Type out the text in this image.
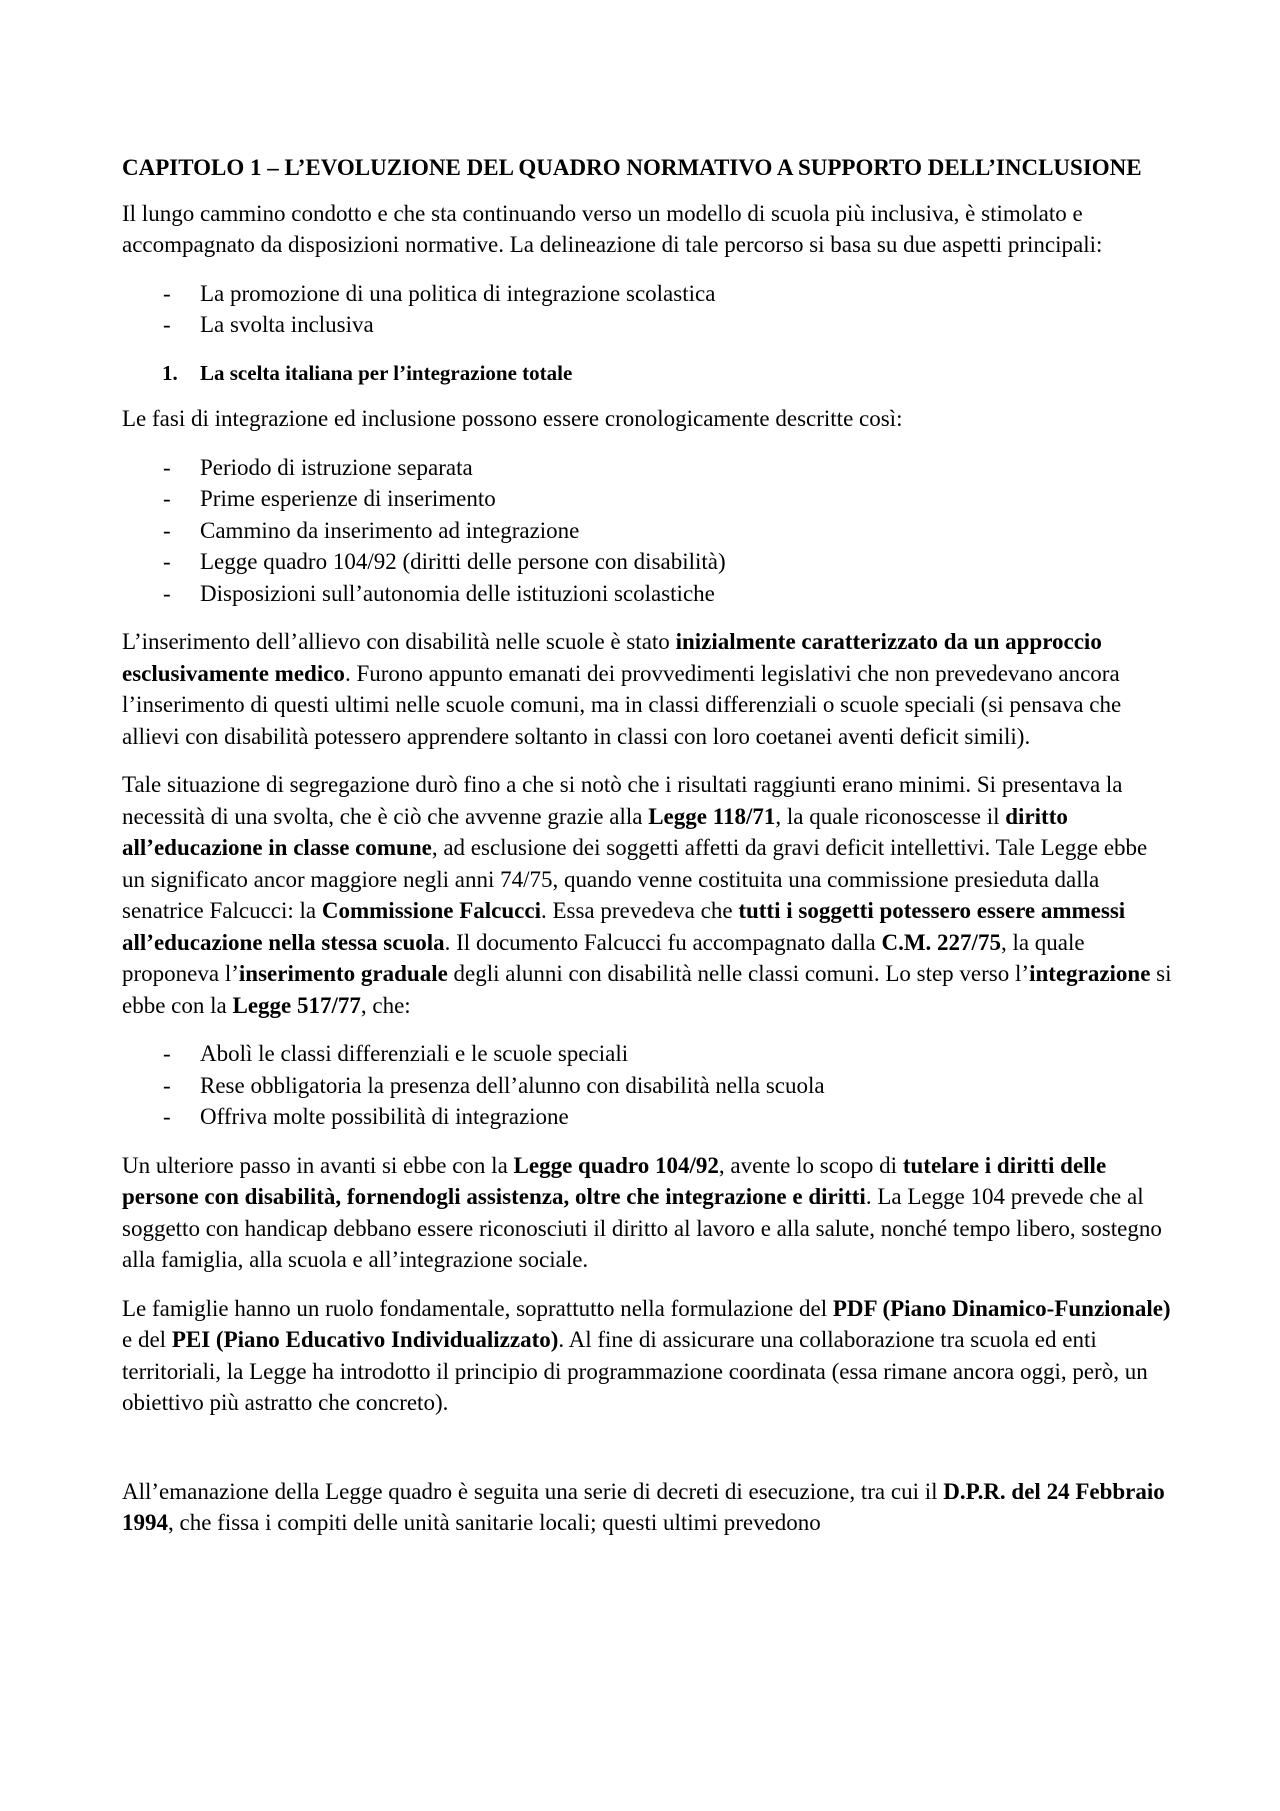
CAPITOLO 1 – L’EVOLUZIONE DEL QUADRO NORMATIVO A SUPPORTO DELL’INCLUSIONE

Il lungo cammino condotto e che sta continuando verso un modello di scuola più inclusiva, è stimolato e accompagnato da disposizioni normative. La delineazione di tale percorso si basa su due aspetti principali:

- La promozione di una politica di integrazione scolastica
- La svolta inclusiva
1. La scelta italiana per l’integrazione totale

Le fasi di integrazione ed inclusione possono essere cronologicamente descritte così:

- Periodo di istruzione separata
- Prime esperienze di inserimento
- Cammino da inserimento ad integrazione
- Legge quadro 104/92 (diritti delle persone con disabilità)
- Disposizioni sull’autonomia delle istituzioni scolastiche

L’inserimento dell’allievo con disabilità nelle scuole è stato inizialmente caratterizzato da un approccio esclusivamente medico. Furono appunto emanati dei provvedimenti legislativi che non prevedevano ancora l’inserimento di questi ultimi nelle scuole comuni, ma in classi differenziali o scuole speciali (si pensava che allievi con disabilità potessero apprendere soltanto in classi con loro coetanei aventi deficit simili).

Tale situazione di segregazione durò fino a che si notò che i risultati raggiunti erano minimi. Si presentava la necessità di una svolta, che è ciò che avvenne grazie alla Legge 118/71, la quale riconoscesse il diritto all’educazione in classe comune, ad esclusione dei soggetti affetti da gravi deficit intellettivi. Tale Legge ebbe un significato ancor maggiore negli anni 74/75, quando venne costituita una commissione presieduta dalla senatrice Falcucci: la Commissione Falcucci. Essa prevedeva che tutti i soggetti potessero essere ammessi all’educazione nella stessa scuola. Il documento Falcucci fu accompagnato dalla C.M. 227/75, la quale proponeva l’inserimento graduale degli alunni con disabilità nelle classi comuni. Lo step verso l’integrazione si ebbe con la Legge 517/77, che:

- Abolì le classi differenziali e le scuole speciali
- Rese obbligatoria la presenza dell’alunno con disabilità nella scuola
- Offriva molte possibilità di integrazione

Un ulteriore passo in avanti si ebbe con la Legge quadro 104/92, avente lo scopo di tutelare i diritti delle persone con disabilità, fornendogli assistenza, oltre che integrazione e diritti. La Legge 104 prevede che al soggetto con handicap debbano essere riconosciuti il diritto al lavoro e alla salute, nonché tempo libero, sostegno alla famiglia, alla scuola e all’integrazione sociale.

Le famiglie hanno un ruolo fondamentale, soprattutto nella formulazione del PDF (Piano Dinamico-Funzionale) e del PEI (Piano Educativo Individualizzato). Al fine di assicurare una collaborazione tra scuola ed enti territoriali, la Legge ha introdotto il principio di programmazione coordinata (essa rimane ancora oggi, però, un obiettivo più astratto che concreto).

All’emanazione della Legge quadro è seguita una serie di decreti di esecuzione, tra cui il D.P.R. del 24 Febbraio 1994, che fissa i compiti delle unità sanitarie locali; questi ultimi prevedono
